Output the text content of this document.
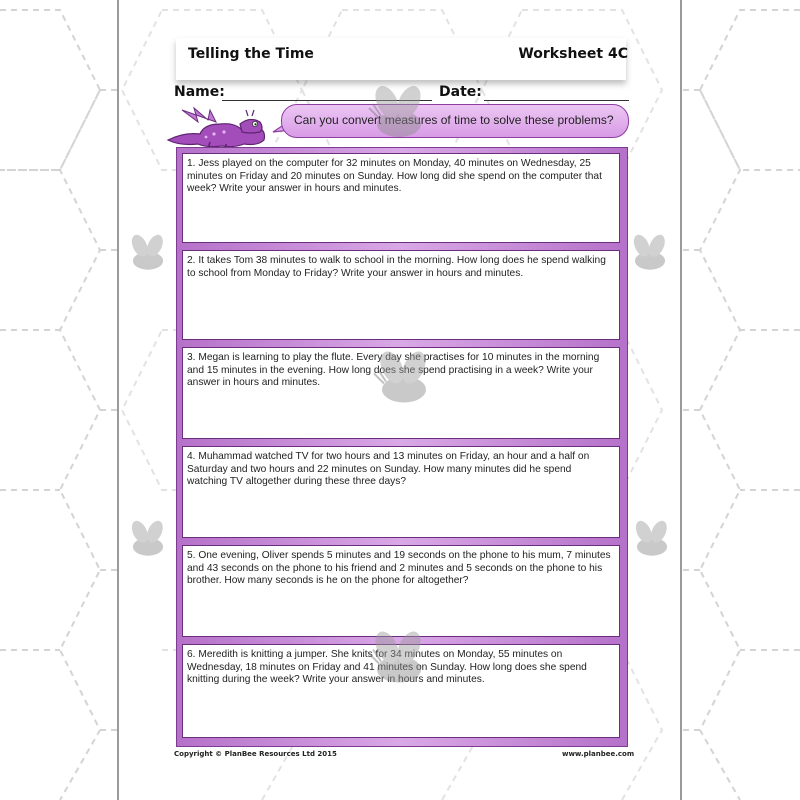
Telling the Time	Worksheet 4C
Name:	Date:
Can you convert measures of time to solve these problems?
1. Jess played on the computer for 32 minutes on Monday, 40 minutes on Wednesday, 25 minutes on Friday and 20 minutes on Sunday. How long did she spend on the computer that week? Write your answer in hours and minutes.
2. It takes Tom 38 minutes to walk to school in the morning. How long does he spend walking to school from Monday to Friday? Write your answer in hours and minutes.
3. Megan is learning to play the flute. Every day she practises for 10 minutes in the morning and 15 minutes in the evening. How long does she spend practising in a week? Write your answer in hours and minutes.
4. Muhammad watched TV for two hours and 13 minutes on Friday, an hour and a half on Saturday and two hours and 22 minutes on Sunday. How many minutes did he spend watching TV altogether during these three days?
5. One evening, Oliver spends 5 minutes and 19 seconds on the phone to his mum, 7 minutes and 43 seconds on the phone to his friend and 2 minutes and 5 seconds on the phone to his brother. How many seconds is he on the phone for altogether?
6. Meredith is knitting a jumper. She knits for 34 minutes on Monday, 55 minutes on Wednesday, 18 minutes on Friday and 41 minutes on Sunday. How long does she spend knitting during the week? Write your answer in hours and minutes.
Copyright © PlanBee Resources Ltd 2015	www.planbee.com
